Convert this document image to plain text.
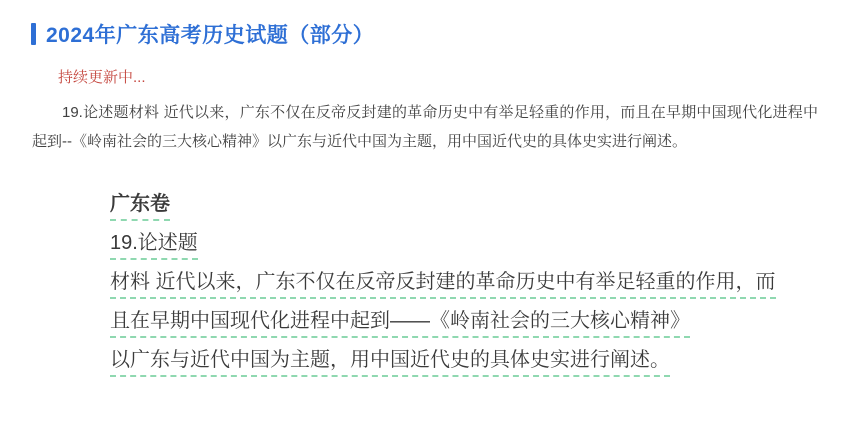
2024年广东高考历史试题（部分）

持续更新中...

19.论述题材料 近代以来，广东不仅在反帝反封建的革命历史中有举足轻重的作用，而且在早期中国现代化进程中起到--《岭南社会的三大核心精神》以广东与近代中国为主题，用中国近代史的具体史实进行阐述。

广东卷
19.论述题
材料 近代以来，广东不仅在反帝反封建的革命历史中有举足轻重的作用，而
且在早期中国现代化进程中起到——《岭南社会的三大核心精神》
以广东与近代中国为主题，用中国近代史的具体史实进行阐述。
